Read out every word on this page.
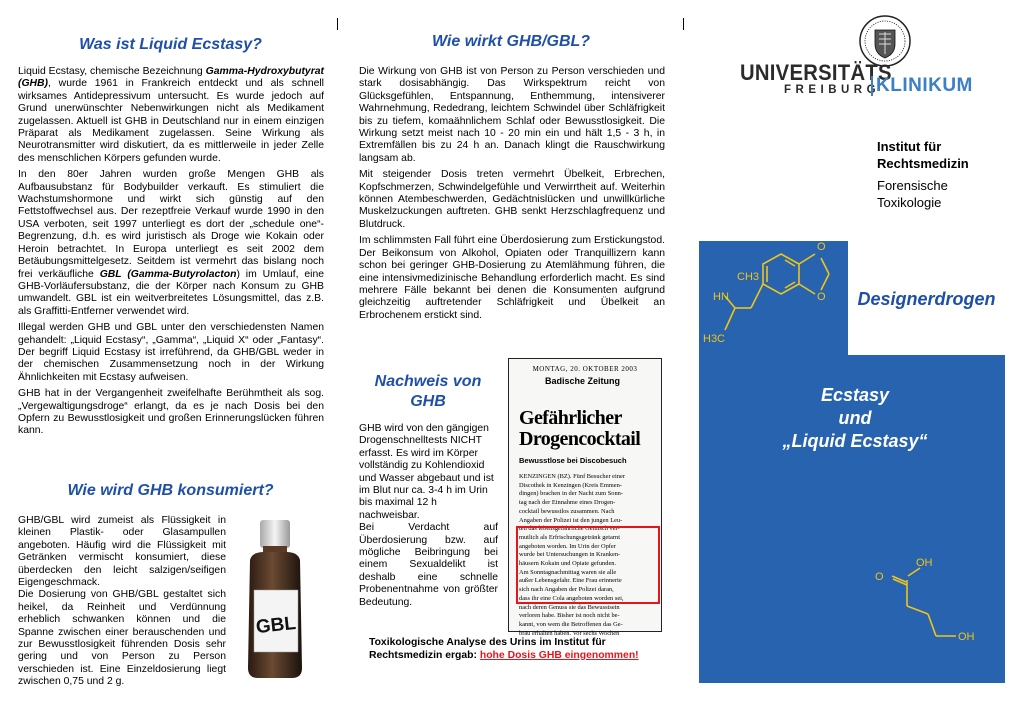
Was ist Liquid Ecstasy?

Liquid Ecstasy, chemische Bezeichnung Gamma-Hydroxybutyrat (GHB), wurde 1961 in Frankreich entdeckt und als schnell wirksames Antidepressivum untersucht. Es wurde jedoch auf Grund unerwünschter Nebenwirkungen nicht als Medikament zugelassen. Aktuell ist GHB in Deutschland nur in einem einzigen Präparat als Medikament zugelassen. Seine Wirkung als Neurotransmitter wird diskutiert, da es mittlerweile in jeder Zelle des menschlichen Körpers gefunden wurde.

In den 80er Jahren wurden große Mengen GHB als Aufbausubstanz für Bodybuilder verkauft. Es stimuliert die Wachstumshormone und wirkt sich günstig auf den Fettstoffwechsel aus. Der rezeptfreie Verkauf wurde 1990 in den USA verboten, seit 1997 unterliegt es dort der „schedule one“-Begrenzung, d.h. es wird juristisch als Droge wie Kokain oder Heroin betrachtet. In Europa unterliegt es seit 2002 dem Betäubungsmittelgesetz. Seitdem ist vermehrt das bislang noch frei verkäufliche GBL (Gamma-Butyrolacton) im Umlauf, eine GHB-Vorläufersubstanz, die der Körper nach Konsum zu GHB umwandelt. GBL ist ein weitverbreitetes Lösungsmittel, das z.B. als Graffitti-Entferner verwendet wird.

Illegal werden GHB und GBL unter den verschiedensten Namen gehandelt: „Liquid Ecstasy“, „Gamma“, „Liquid X“ oder „Fantasy“. Der begriff Liquid Ecstasy ist irreführend, da GHB/GBL weder in der chemischen Zusammensetzung noch in der Wirkung Ähnlichkeiten mit Ecstasy aufweisen.

GHB hat in der Vergangenheit zweifelhafte Berühmtheit als sog. „Vergewaltigungsdroge“ erlangt, da es je nach Dosis bei den Opfern zu Bewusstlosigkeit und großen Erinnerungslücken führen kann.

Wie wird GHB konsumiert?

GHB/GBL wird zumeist als Flüssigkeit in kleinen Plastik- oder Glasampullen angeboten. Häufig wird die Flüssigkeit mit Getränken vermischt konsumiert, diese überdecken den leicht salzigen/seifigen Eigengeschmack.

Die Dosierung von GHB/GBL gestaltet sich heikel, da Reinheit und Verdünnung erheblich schwanken können und die Spanne zwischen einer berauschenden und zur Bewusstlosigkeit führenden Dosis sehr gering und von Person zu Person verschieden ist. Eine Einzeldosierung liegt zwischen 0,75 und 2 g.

GBL
Wie wirkt GHB/GBL?

Die Wirkung von GHB ist von Person zu Person verschieden und stark dosisabhängig. Das Wirkspektrum reicht von Glücksgefühlen, Entspannung, Enthemmung, intensiverer Wahrnehmung, Rededrang, leichtem Schwindel über Schläfrigkeit bis zu tiefem, komaähnlichem Schlaf oder Bewusstlosigkeit. Die Wirkung setzt meist nach 10 - 20 min ein und hält 1,5 - 3 h, in Extremfällen bis zu 24 h an. Danach klingt die Rauschwirkung langsam ab.

Mit steigender Dosis treten vermehrt Übelkeit, Erbrechen, Kopfschmerzen, Schwindelgefühle und Verwirrtheit auf. Weiterhin können Atembeschwerden, Gedächtnislücken und unwillkürliche Muskelzuckungen auftreten. GHB senkt Herzschlagfrequenz und Blutdruck.

Im schlimmsten Fall führt eine Überdosierung zum Erstickungstod. Der Beikonsum von Alkohol, Opiaten oder Tranquillizern kann schon bei geringer GHB-Dosierung zu Atemlähmung führen, die eine intensivmedizinische Behandlung erforderlich macht. Es sind mehrere Fälle bekannt bei denen die Konsumenten aufgrund gleichzeitig auftretender Schläfrigkeit und Übelkeit an Erbrochenem erstickt sind.

Nachweis von GHB

GHB wird von den gängigen Drogenschnelltests NICHT erfasst. Es wird im Körper vollständig zu Kohlendioxid und Wasser abgebaut und ist im Blut nur ca. 3-4 h im Urin bis maximal 12 h nachweisbar.

Bei Verdacht auf Überdosierung bzw. auf mögliche Beibringung bei einem Sexualdelikt ist deshalb eine schnelle Probenentnahme von größter Bedeutung.

MONTAG, 20. OKTOBER 2003
Badische Zeitung
Gefährlicher
Drogencocktail
Bewusstlose bei Discobesuch
KENZINGEN (BZ). Fünf Besucher einer
Discothek in Kenzingen (Kreis Emmen-
dingen) brachen in der Nacht zum Sonn-
tag nach der Einnahme eines Drogen-
cocktail bewusstlos zusammen. Nach
Angaben der Polizei ist den jungen Leu-
ten das lebensgefährliche Gemisch ver-
mutlich als Erfrischungsgetränk getarnt
angeboten worden. Im Urin der Opfer
wurde bei Untersuchungen in Kranken-
häusern Kokain und Opiate gefunden.
Am Sonntagnachmittag waren sie alle
außer Lebensgefahr. Eine Frau erinnerte
sich nach Angaben der Polizei daran,
dass ihr eine Cola angeboten worden sei,
nach deren Genuss sie das Bewusstsein
verloren habe. Bisher ist noch nicht be-
kannt, von wem die Betroffenen das Ge-
bräu erhalten haben. Vor sechs Wochen
Toxikologische Analyse des Urins im Institut für Rechtsmedizin ergab: hohe Dosis GHB eingenommen!
UNIVERSITÄTS
FREIBURG
KLINIKUM
Institut für
Rechtsmedizin
Forensische
Toxikologie
Designerdrogen
Ecstasy
und
„Liquid Ecstasy“
O
O
CH3
HN
H3C
OH
O
OH
